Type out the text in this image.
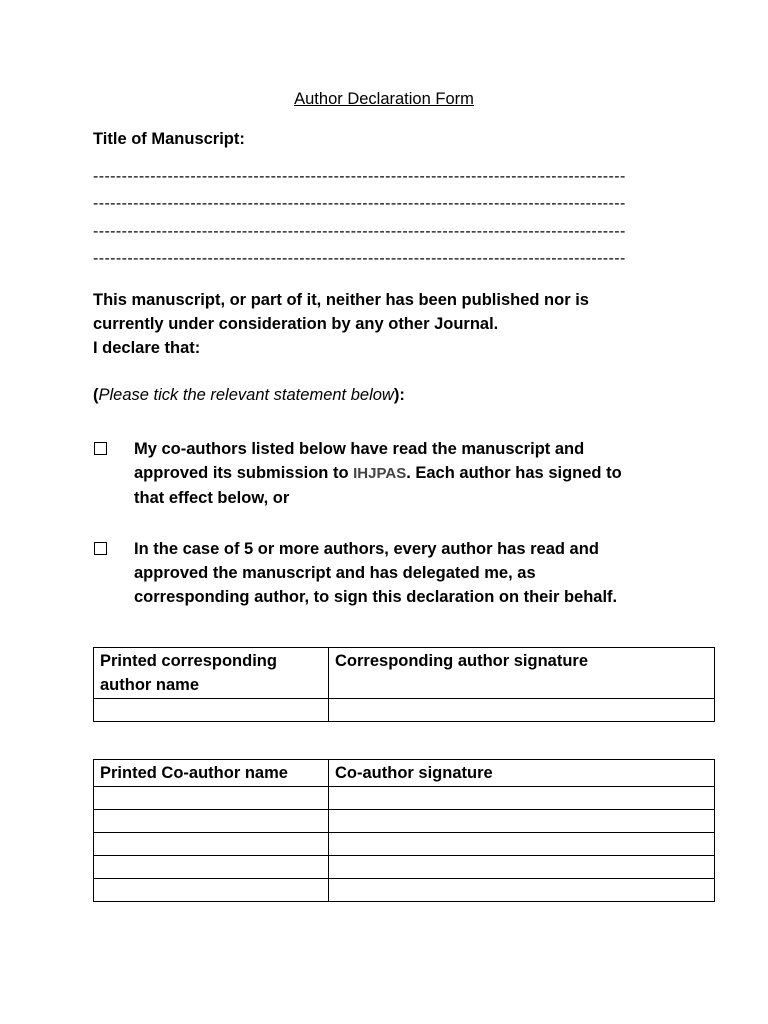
Author Declaration Form
Title of Manuscript:
---------------------------------------------------------------------------------------------
---------------------------------------------------------------------------------------------
---------------------------------------------------------------------------------------------
---------------------------------------------------------------------------------------------
This manuscript, or part of it, neither has been published nor is
currently under consideration by any other Journal.
I declare that:
(Please tick the relevant statement below):
My co-authors listed below have read the manuscript and
approved its submission to IHJPAS. Each author has signed to
that effect below, or
In the case of 5 or more authors, every author has read and
approved the manuscript and has delegated me, as
corresponding author, to sign this declaration on their behalf.
Printed corresponding author name	Corresponding author signature

Printed Co-author name	Co-author signature
